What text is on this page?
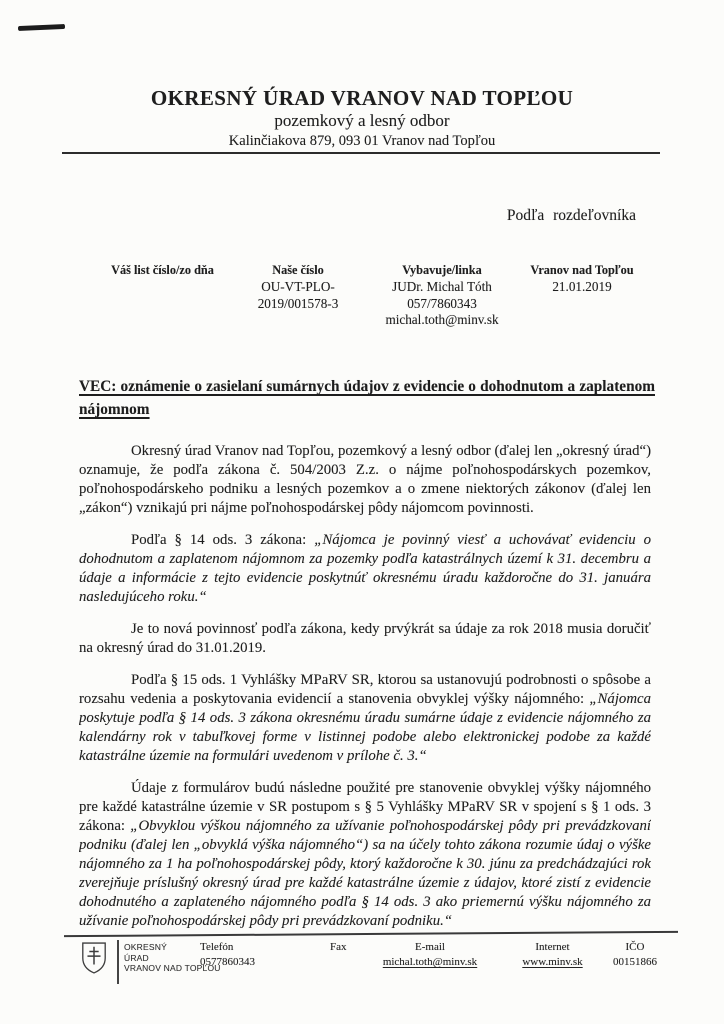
OKRESNÝ ÚRAD VRANOV NAD TOPĽOU
pozemkový a lesný odbor
Kalinčiakova 879, 093 01 Vranov nad Topľou
Podľa rozdeľovníka
Váš list číslo/zo dňa	Naše číslo
OU-VT-PLO-
2019/001578-3
Vybavuje/linka
JUDr. Michal Tóth
057/7860343
michal.toth@minv.sk
Vranov nad Topľou
21.01.2019
VEC: oznámenie o zasielaní sumárnych údajov z evidencie o dohodnutom a zaplatenom nájomnom

Okresný úrad Vranov nad Topľou, pozemkový a lesný odbor (ďalej len „okresný úrad“) oznamuje, že podľa zákona č. 504/2003 Z.z. o nájme poľnohospodárskych pozemkov, poľnohospodárskeho podniku a lesných pozemkov a o zmene niektorých zákonov (ďalej len „zákon“) vznikajú pri nájme poľnohospodárskej pôdy nájomcom povinnosti.

Podľa § 14 ods. 3 zákona: „Nájomca je povinný viesť a uchovávať evidenciu o dohodnutom a zaplatenom nájomnom za pozemky podľa katastrálnych území k 31. decembru a údaje a informácie z tejto evidencie poskytnúť okresnému úradu každoročne do 31. januára nasledujúceho roku.“

Je to nová povinnosť podľa zákona, kedy prvýkrát sa údaje za rok 2018 musia doručiť na okresný úrad do 31.01.2019.

Podľa § 15 ods. 1 Vyhlášky MPaRV SR, ktorou sa ustanovujú podrobnosti o spôsobe a rozsahu vedenia a poskytovania evidencií a stanovenia obvyklej výšky nájomného: „Nájomca poskytuje podľa § 14 ods. 3 zákona okresnému úradu sumárne údaje z evidencie nájomného za kalendárny rok v tabuľkovej forme v listinnej podobe alebo elektronickej podobe za každé katastrálne územie na formulári uvedenom v prílohe č. 3.“

Údaje z formulárov budú následne použité pre stanovenie obvyklej výšky nájomného pre každé katastrálne územie v SR postupom s § 5 Vyhlášky MPaRV SR v spojení s § 1 ods. 3 zákona: „Obvyklou výškou nájomného za užívanie poľnohospodárskej pôdy pri prevádzkovaní podniku (ďalej len „obvyklá výška nájomného“) sa na účely tohto zákona rozumie údaj o výške nájomného za 1 ha poľnohospodárskej pôdy, ktorý každoročne k 30. júnu za predchádzajúci rok zverejňuje príslušný okresný úrad pre každé katastrálne územie z údajov, ktoré zistí z evidencie dohodnutého a zaplateného nájomného podľa § 14 ods. 3 ako priemernú výšku nájomného za užívanie poľnohospodárskej pôdy pri prevádzkovaní podniku.“

OKRESNÝ
ÚRAD
VRANOV NAD TOPĽOU
Telefón
0577860343
Fax	E-mail
michal.toth@minv.sk
Internet
www.minv.sk
IČO
00151866
